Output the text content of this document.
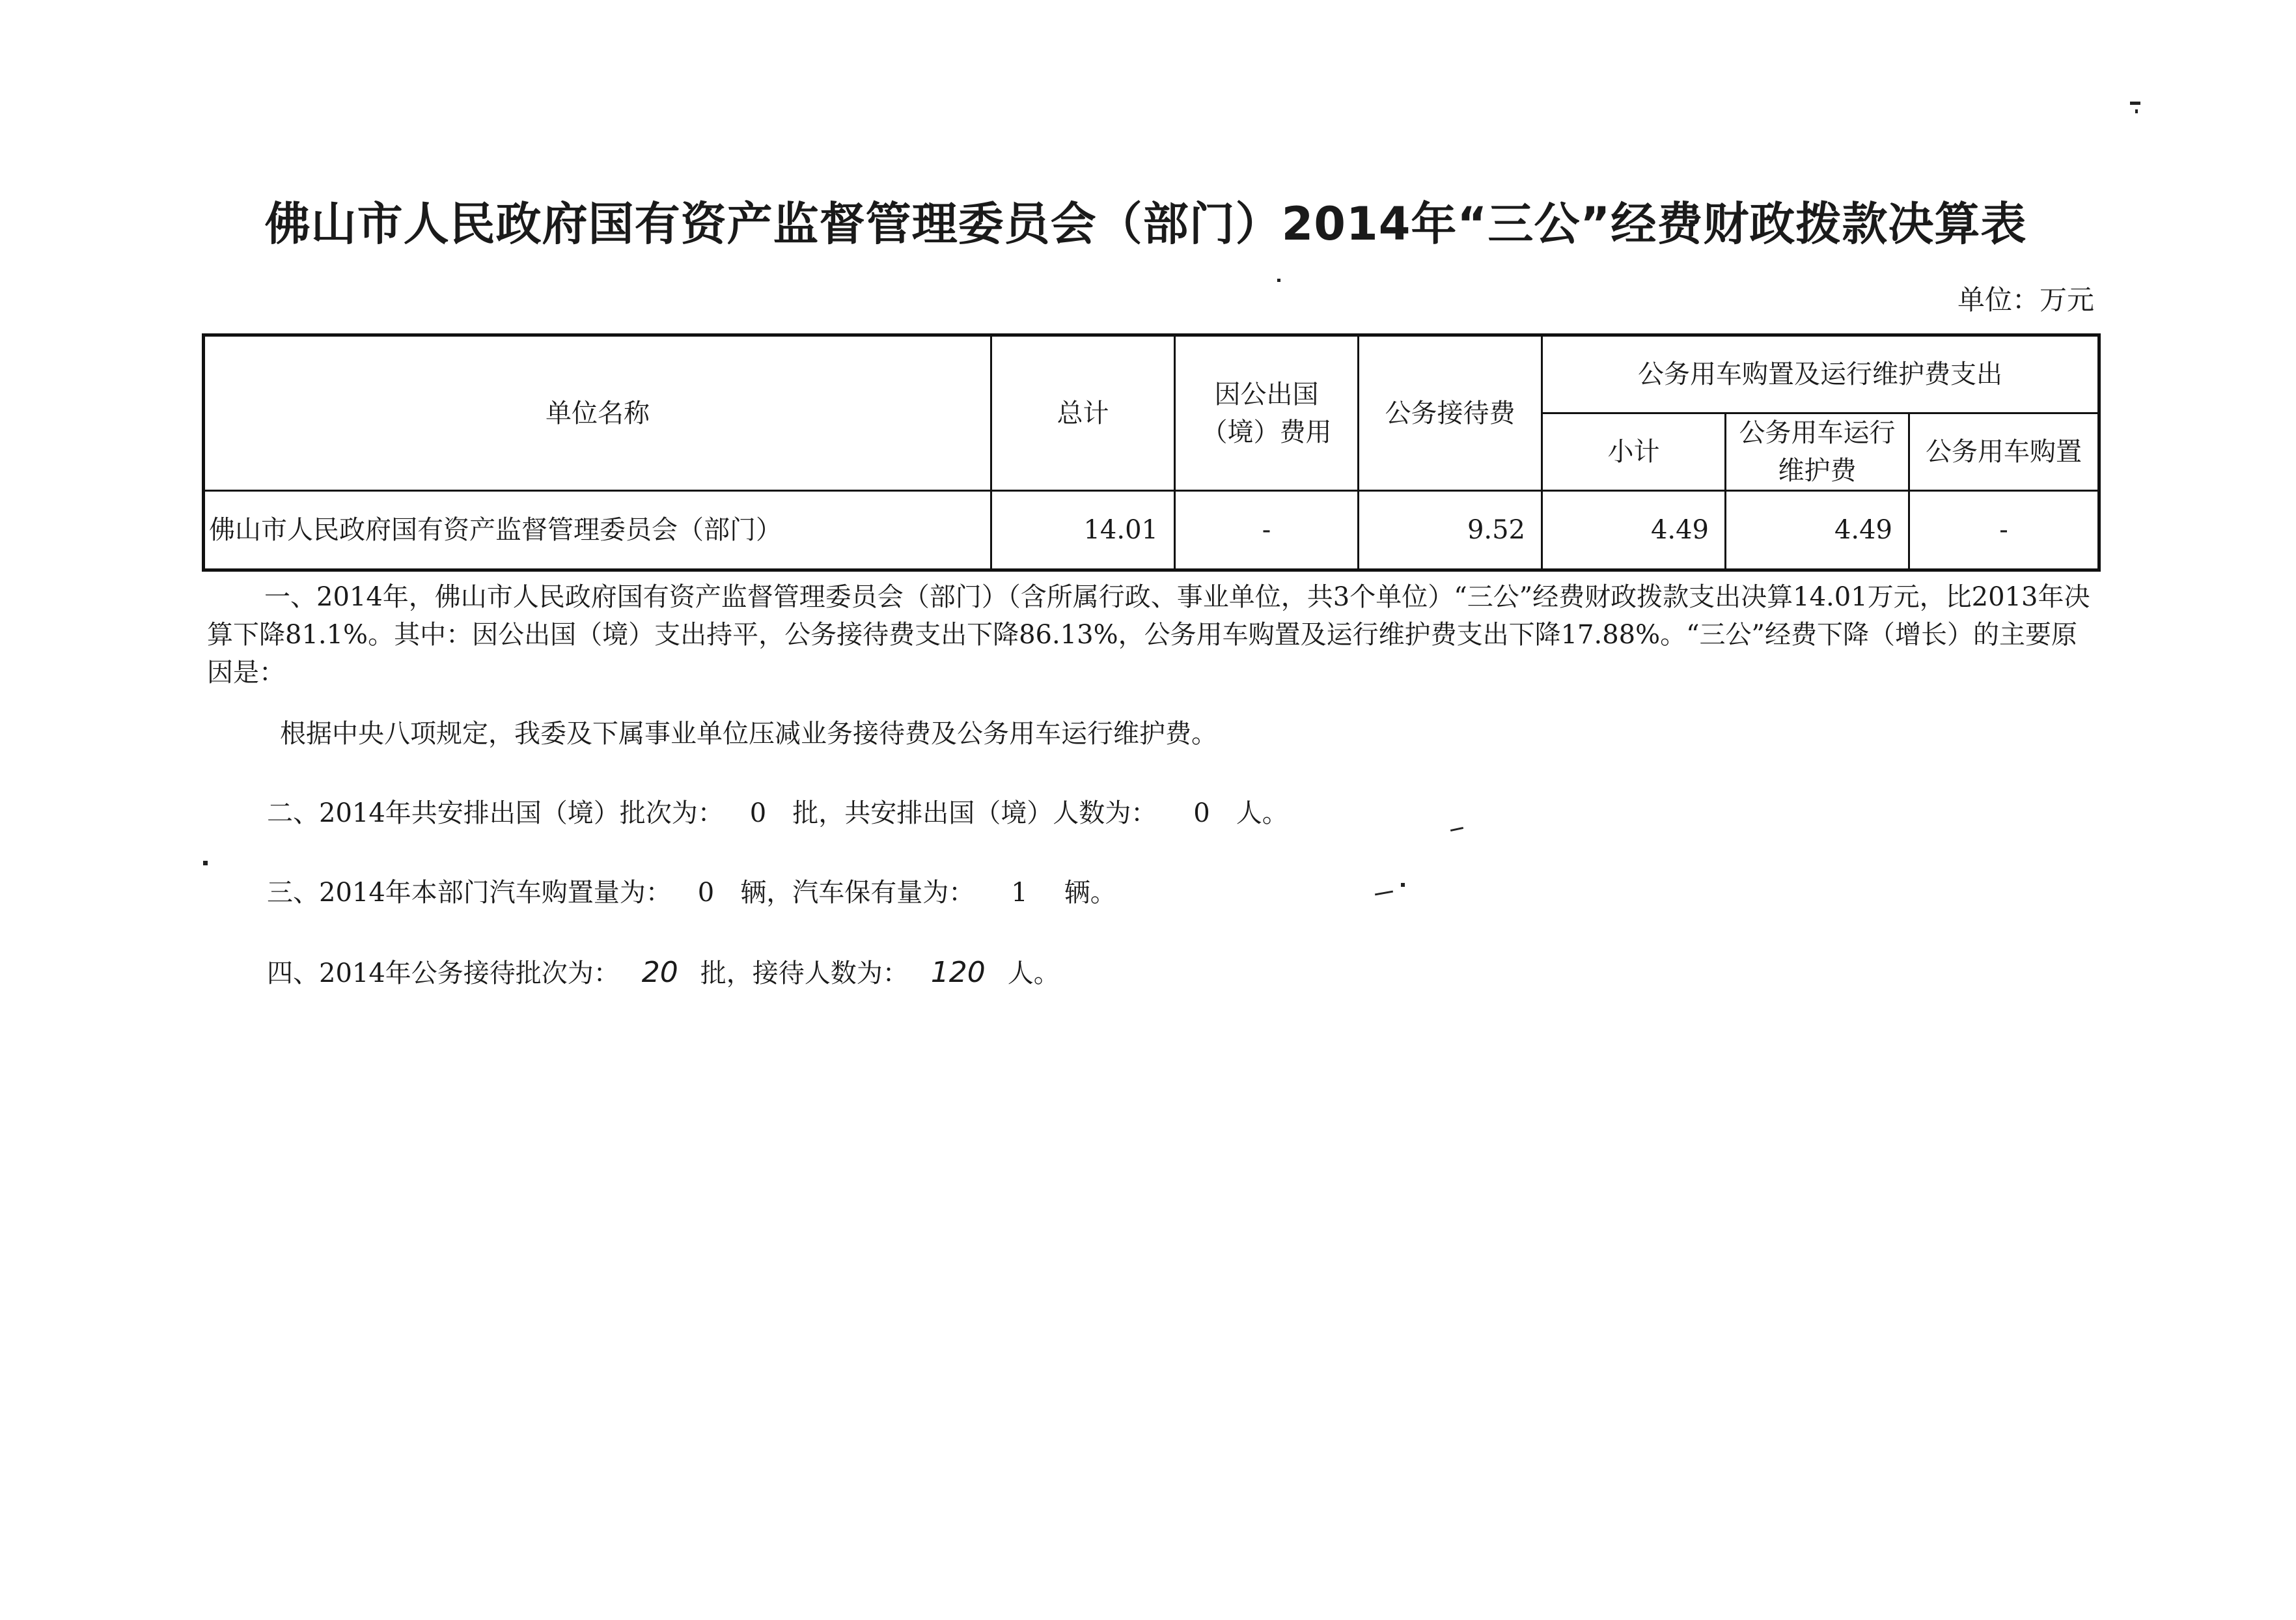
佛山市人民政府国有资产监督管理委员会（部门）2014年“三公”经费财政拨款决算表
单位：万元
单位名称	总计	因公出国（境）费用	公务接待费	公务用车购置及运行维护费支出		
				小计	公务用车运行维护费	公务用车购置
佛山市人民政府国有资产监督管理委员会（部门）	14.01	-	9.52	4.49	4.49	-
一、2014年，佛山市人民政府国有资产监督管理委员会（部门）（含所属行政、事业单位，共3个单位）“三公”经费财政拨款支出决算14.01万元，比2013年决算下降81.1%。其中：因公出国（境）支出持平，公务接待费支出下降86.13%，公务用车购置及运行维护费支出下降17.88%。“三公”经费下降（增长）的主要原因是：
根据中央八项规定，我委及下属事业单位压减业务接待费及公务用车运行维护费。
二、2014年共安排出国（境）批次为： 0 批，共安排出国（境）人数为： 0 人。
三、2014年本部门汽车购置量为： 0 辆，汽车保有量为： 1 辆。
四、2014年公务接待批次为： 20 批，接待人数为： 120 人。
